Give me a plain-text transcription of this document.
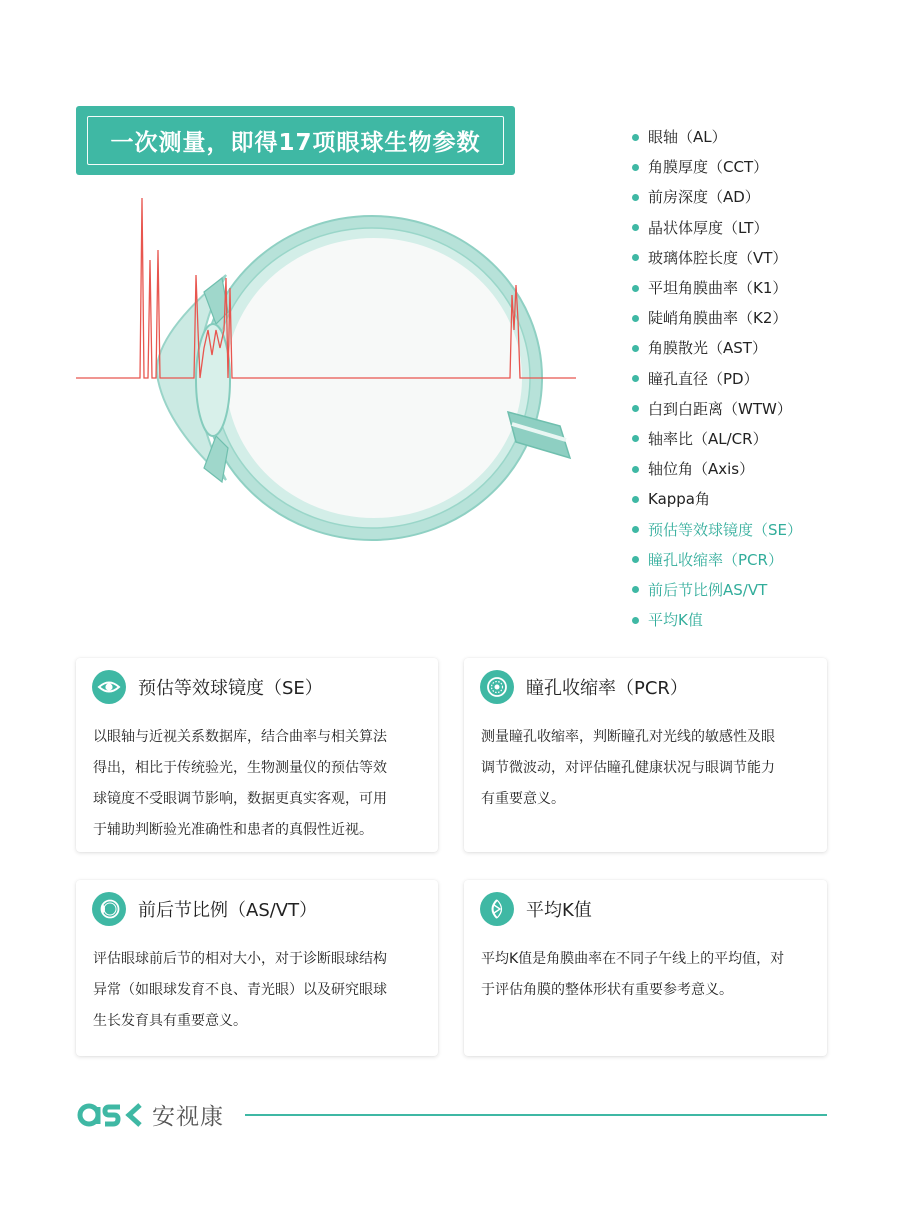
一次测量，即得17项眼球生物参数	眼轴（AL）
角膜厚度（CCT）
前房深度（AD）
晶状体厚度（LT）
玻璃体腔长度（VT）
平坦角膜曲率（K1）
陡峭角膜曲率（K2）
角膜散光（AST）
瞳孔直径（PD）
白到白距离（WTW）
轴率比（AL/CR）
轴位角（Axis）
Kappa角
预估等效球镜度（SE）
瞳孔收缩率（PCR）
前后节比例AS/VT
平均K值
预估等效球镜度（SE）
以眼轴与近视关系数据库，结合曲率与相关算法
得出，相比于传统验光，生物测量仪的预估等效
球镜度不受眼调节影响，数据更真实客观，可用
于辅助判断验光准确性和患者的真假性近视。
瞳孔收缩率（PCR）
测量瞳孔收缩率，判断瞳孔对光线的敏感性及眼
调节微波动，对评估瞳孔健康状况与眼调节能力
有重要意义。
前后节比例（AS/VT）
评估眼球前后节的相对大小，对于诊断眼球结构
异常（如眼球发育不良、青光眼）以及研究眼球
生长发育具有重要意义。
平均K值
平均K值是角膜曲率在不同子午线上的平均值，对
于评估角膜的整体形状有重要参考意义。
安视康
